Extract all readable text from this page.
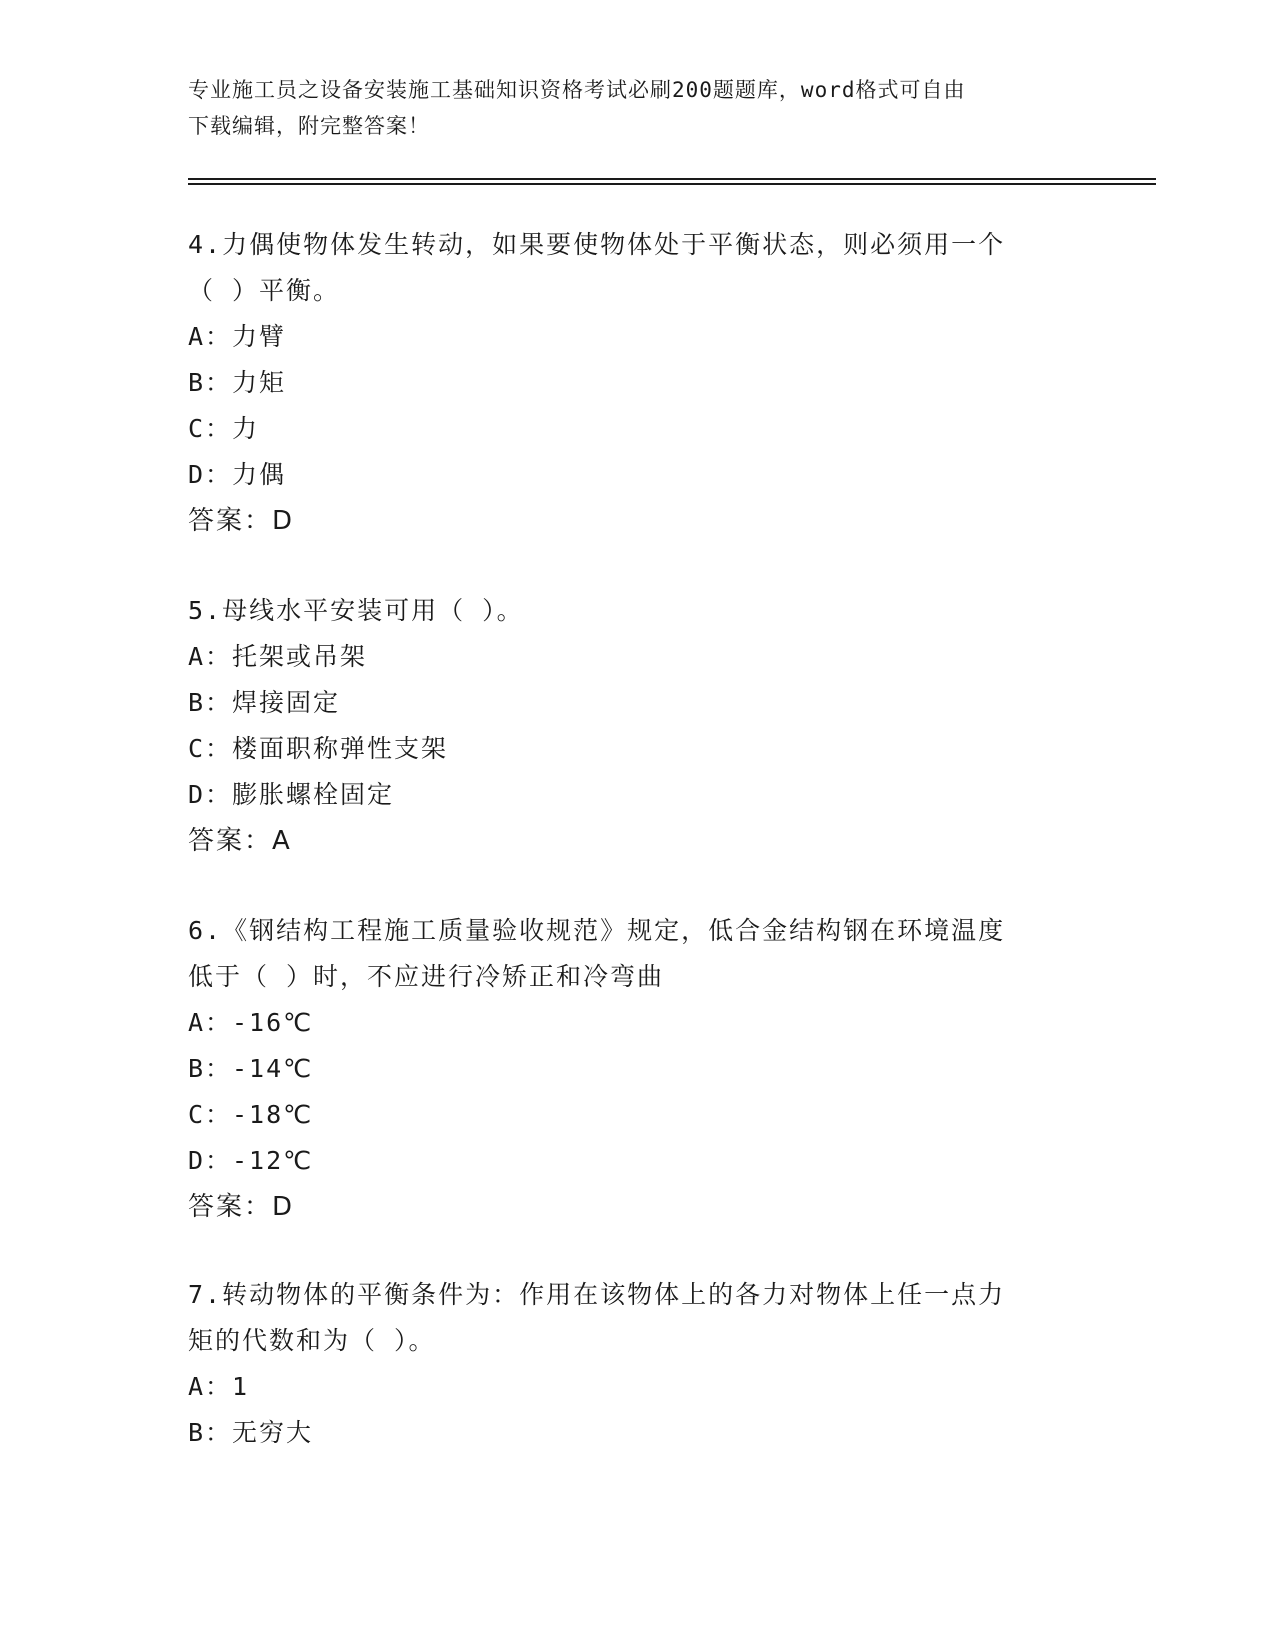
专业施工员之设备安装施工基础知识资格考试必刷200题题库，word格式可自由
下载编辑，附完整答案！
4.力偶使物体发生转动，如果要使物体处于平衡状态，则必须用一个
（ ）平衡。
A：力臂
B：力矩
C：力
D：力偶
答案：D
5.母线水平安装可用（ ）。
A：托架或吊架
B：焊接固定
C：楼面职称弹性支架
D：膨胀螺栓固定
答案：A
6.《钢结构工程施工质量验收规范》规定，低合金结构钢在环境温度
低于（ ）时，不应进行冷矫正和冷弯曲
A：-16℃
B：-14℃
C：-18℃
D：-12℃
答案：D
7.转动物体的平衡条件为：作用在该物体上的各力对物体上任一点力
矩的代数和为（ ）。
A：1
B：无穷大
